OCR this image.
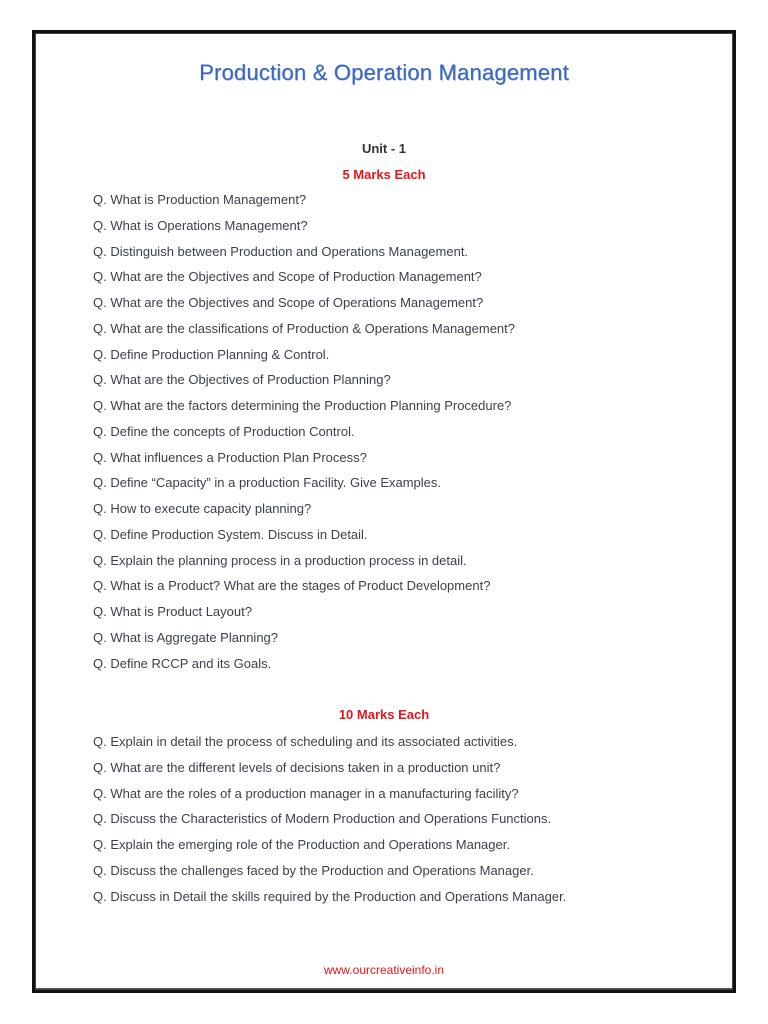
Production & Operation Management
Unit - 1
5 Marks Each
Q. What is Production Management?
Q. What is Operations Management?
Q. Distinguish between Production and Operations Management.
Q. What are the Objectives and Scope of Production Management?
Q. What are the Objectives and Scope of Operations Management?
Q. What are the classifications of Production & Operations Management?
Q. Define Production Planning & Control.
Q. What are the Objectives of Production Planning?
Q. What are the factors determining the Production Planning Procedure?
Q. Define the concepts of Production Control.
Q. What influences a Production Plan Process?
Q. Define “Capacity” in a production Facility. Give Examples.
Q. How to execute capacity planning?
Q. Define Production System. Discuss in Detail.
Q. Explain the planning process in a production process in detail.
Q. What is a Product? What are the stages of Product Development?
Q. What is Product Layout?
Q. What is Aggregate Planning?
Q. Define RCCP and its Goals.
10 Marks Each
Q. Explain in detail the process of scheduling and its associated activities.
Q. What are the different levels of decisions taken in a production unit?
Q. What are the roles of a production manager in a manufacturing facility?
Q. Discuss the Characteristics of Modern Production and Operations Functions.
Q. Explain the emerging role of the Production and Operations Manager.
Q. Discuss the challenges faced by the Production and Operations Manager.
Q. Discuss in Detail the skills required by the Production and Operations Manager.
www.ourcreativeinfo.in
